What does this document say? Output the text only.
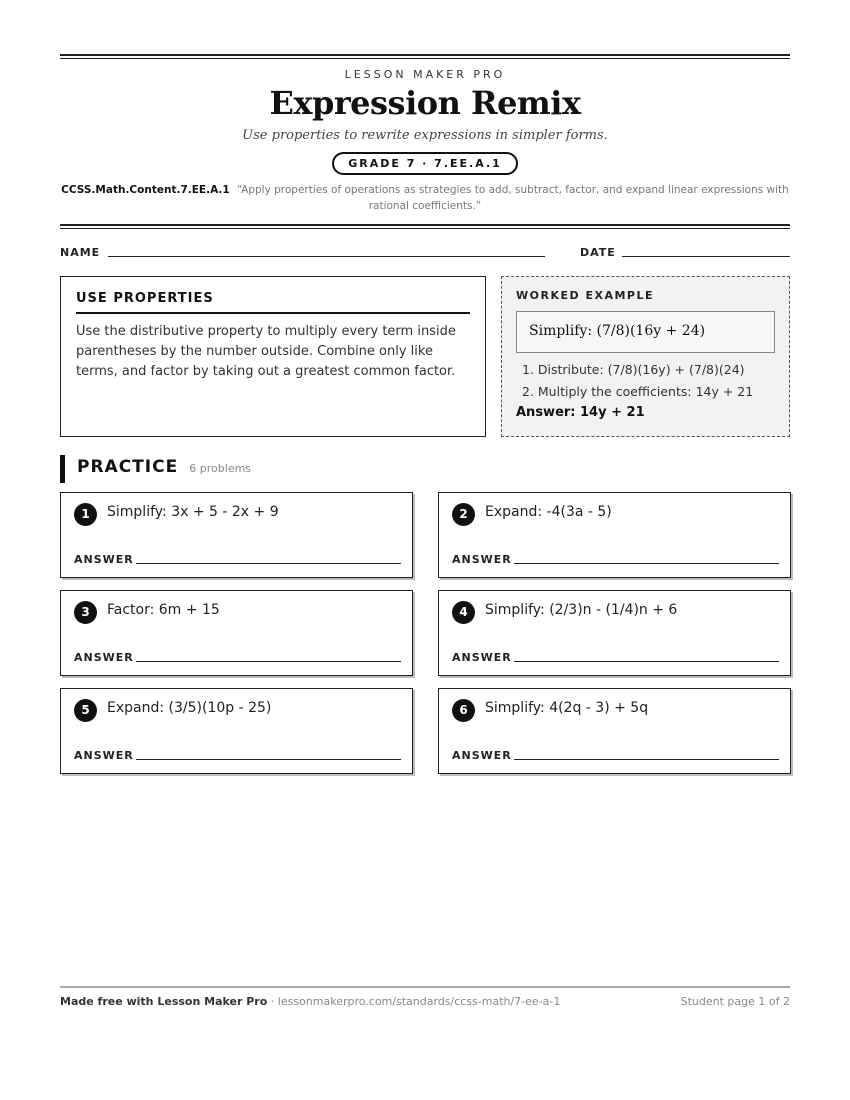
LESSON MAKER PRO
Expression Remix
Use properties to rewrite expressions in simpler forms.
GRADE 7 · 7.EE.A.1
CCSS.Math.Content.7.EE.A.1 “Apply properties of operations as strategies to add, subtract, factor, and expand linear expressions with rational coefficients.”
NAME	DATE
USE PROPERTIES
Use the distributive property to multiply every term inside parentheses by the number outside. Combine only like terms, and factor by taking out a greatest common factor.
WORKED EXAMPLE
Simplify: (7/8)(16y + 24)
1. Distribute: (7/8)(16y) + (7/8)(24)
2. Multiply the coefficients: 14y + 21
Answer: 14y + 21
PRACTICE 6 problems
1	Simplify: 3x + 5 - 2x + 9
ANSWER
2	Expand: -4(3a - 5)
ANSWER
3	Factor: 6m + 15
ANSWER
4	Simplify: (2/3)n - (1/4)n + 6
ANSWER
5	Expand: (3/5)(10p - 25)
ANSWER
6	Simplify: 4(2q - 3) + 5q
ANSWER
Made free with Lesson Maker Pro · lessonmakerpro.com/standards/ccss-math/7-ee-a-1	Student page 1 of 2
